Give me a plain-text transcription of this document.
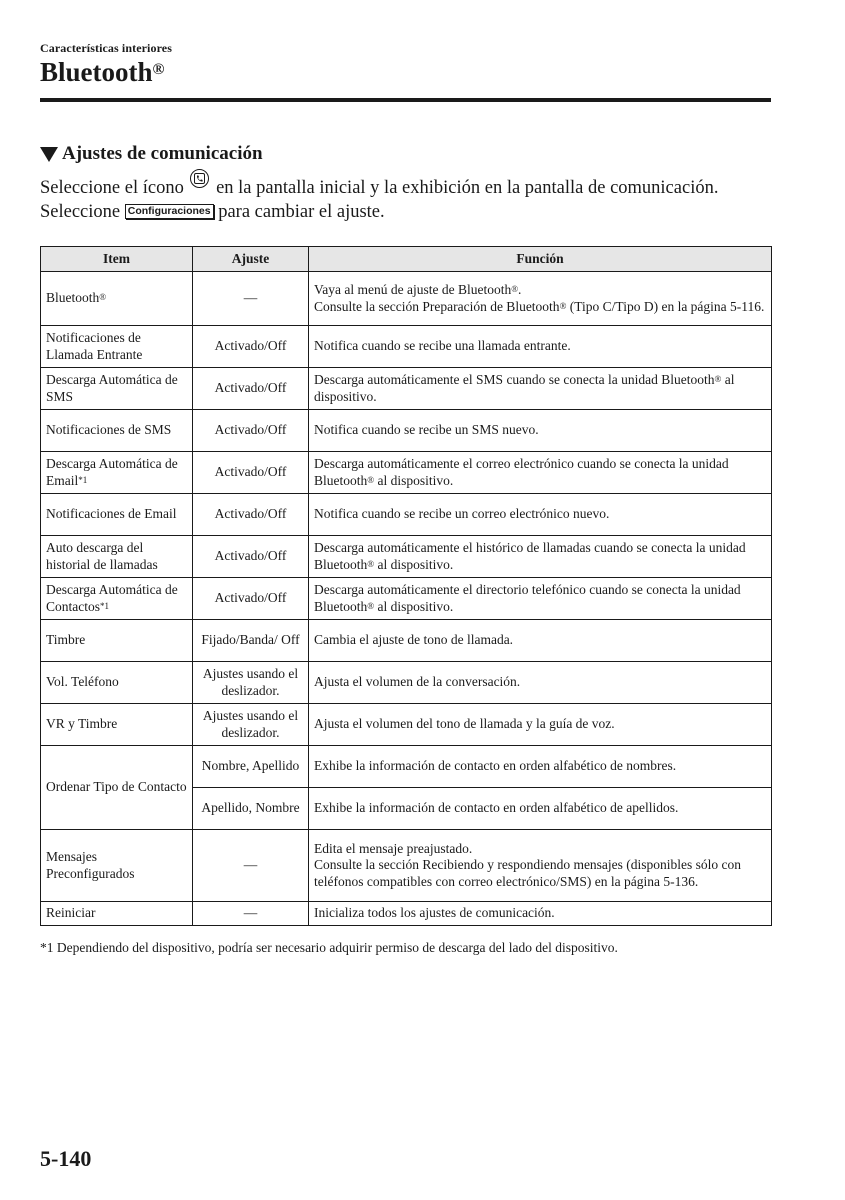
Características interiores
Bluetooth®
Ajustes de comunicación
Seleccione el ícono en la pantalla inicial y la exhibición en la pantalla de comunicación.
Seleccione Configuraciones para cambiar el ajuste.
Item	Ajuste	Función
Bluetooth®	—	Vaya al menú de ajuste de Bluetooth®.
Consulte la sección Preparación de Bluetooth® (Tipo C/Tipo D) en la página 5-116.

Notificaciones de Llamada Entrante	Activado/Off	Notifica cuando se recibe una llamada entrante.

Descarga Automática de SMS	Activado/Off	Descarga automáticamente el SMS cuando se conecta la unidad Bluetooth® al dispositivo.

Notificaciones de SMS	Activado/Off	Notifica cuando se recibe un SMS nuevo.

Descarga Automática de Email$^{*1}$	Activado/Off	Descarga automáticamente el correo electrónico cuando se conecta la unidad Bluetooth® al dispositivo.

Notificaciones de Email	Activado/Off	Notifica cuando se recibe un correo electrónico nuevo.

Auto descarga del historial de llamadas	Activado/Off	Descarga automáticamente el histórico de llamadas cuando se conecta la unidad Bluetooth® al dispositivo.

Descarga Automática de Contactos$^{*1}$	Activado/Off	Descarga automáticamente el directorio telefónico cuando se conecta la unidad Bluetooth® al dispositivo.

Timbre	Fijado/Banda/ Off	Cambia el ajuste de tono de llamada.

Vol. Teléfono	Ajustes usando el deslizador.	Ajusta el volumen de la conversación.

VR y Timbre	Ajustes usando el deslizador.	Ajusta el volumen del tono de llamada y la guía de voz.

Ordenar Tipo de Contacto	Nombre, Apellido	Exhibe la información de contacto en orden alfabético de nombres.

	Apellido, Nombre	Exhibe la información de contacto en orden alfabético de apellidos.

Mensajes Preconfigurados	—	Edita el mensaje preajustado.
Consulte la sección Recibiendo y respondiendo mensajes (disponibles sólo con teléfonos compatibles con correo electrónico/SMS) en la página 5-136.

Reiniciar	—	Inicializa todos los ajustes de comunicación.
*1 Dependiendo del dispositivo, podría ser necesario adquirir permiso de descarga del lado del dispositivo.
5-140
